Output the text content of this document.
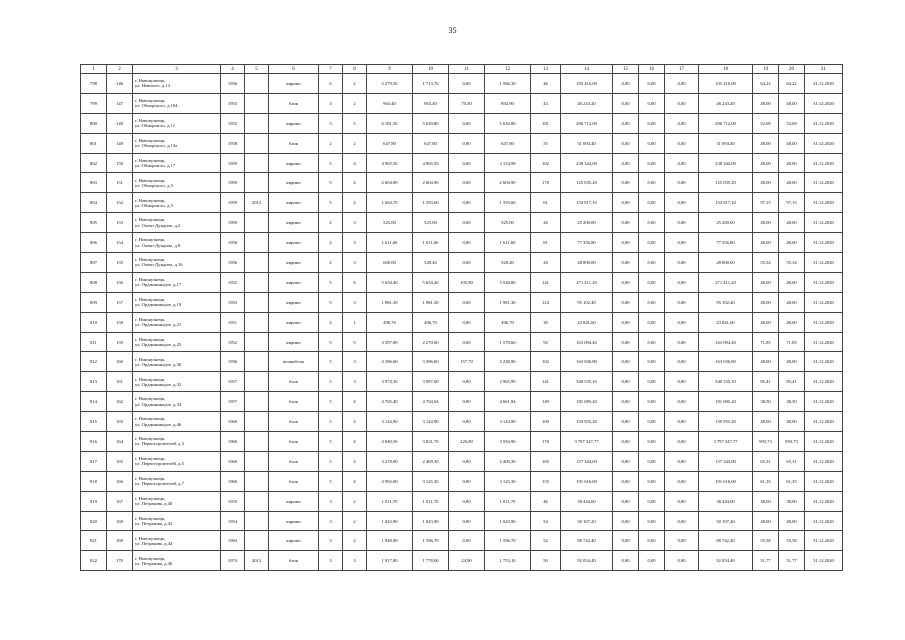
35
1	2	3	4	5	6	7	8	9	10	11	12	13	14	15	16	17	18	19	20	21
798	146	г. Новокузнецк,
ул. Невского, д.13	1956		кирпич	6	2	2 279,50	1 713,70	0,00	1 566,30	46	105 416,00	0,00	0,00	0,00	105 416,00	64,22	64,22	31.12.2020
799	147	г. Новокузнецк,
ул. Обнорского, д.104	1953		блок	3	2	963,40	963,40	70,50	892,90	43	46 243,20	0,00	0,00	0,00	46 243,20	48,00	48,00	31.12.2020
800	148	г. Новокузнецк,
ул. Обнорского, д.11	1955		кирпич	3	5	6 181,50	5 630,80	0,00	5 630,80	181	296 712,00	0,00	0,00	0,00	296 712,00	52,69	52,69	31.12.2020
801	149	г. Новокузнецк,
ул. Обнорского, д.13а	1958		блок	2	2	647,80	647,80	0,00	647,80	35	31 094,40	0,00	0,00	0,00	31 094,40	48,00	48,00	31.12.2020
802	150	г. Новокузнецк,
ул. Обнорского, д.17	1959		кирпич	5	4	4 965,50	4 965,50	0,00	3 154,98	102	238 344,00	0,00	0,00	0,00	238 344,00	48,00	48,00	31.12.2020
803	151	г. Новокузнецк,
ул. Обнорского, д.3	1959		кирпич	5	4	2 604,90	2 604,90	0,00	2 604,90	178	125 035,20	0,00	0,00	0,00	125 035,20	48,00	48,00	31.12.2020
804	152	г. Новокузнецк,
ул. Обнорского, д.5	1959	2012	кирпич	5	2	1 664,70	1 593,60	0,00	1 593,60	61	154 817,10	0,00	0,00	0,00	154 817,10	97,15	97,15	31.12.2020
805	153	г. Новокузнецк,
ул. Олеко-Дундича, д.2	1959		кирпич	2	3	525,00	525,00	0,00	525,00	26	25 200,00	0,00	0,00	0,00	25 200,00	48,00	48,00	31.12.2020
806	154	г. Новокузнецк,
ул. Олеко-Дундича, д.8	1956		кирпич	2	3	1 611,60	1 611,60	0,00	1 611,60	81	77 356,80	0,00	0,00	0,00	77 356,80	48,00	48,00	31.12.2020
807	155	г. Новокузнецк,
ул. Олеко-Дундича, д.16	1956		кирпич	2	3	600,00	520,40	0,00	520,40	28	28 800,00	0,00	0,00	0,00	28 800,00	55,34	55,34	31.12.2020
808	156	г. Новокузнецк,
ул. Орджоникидзе, д.17	1952		кирпич	5	6	5 654,40	5 654,40	105,80	5 548,00	141	271 411,20	0,00	0,00	0,00	271 411,20	48,00	48,00	31.12.2020
809	157	г. Новокузнецк,
ул. Орджоникидзе, д.19	1953		кирпич	5	3	1 981,30	1 981,30	0,00	1 981,30	124	95 102,40	0,00	0,00	0,00	95 102,40	48,00	48,00	31.12.2020
810	158	г. Новокузнецк,
ул. Орджоникидзе, д.21	1951		кирпич	4	1	496,70	496,70	0,00	496,70	30	23 841,60	0,00	0,00	0,00	23 841,60	48,00	48,00	31.12.2020
811	159	г. Новокузнецк,
ул. Орджоникидзе, д.25	1952		кирпич	5	5	3 397,90	2 270,00	0,00	1 578,60	92	163 094,40	0,00	0,00	0,00	163 094,40	71,85	71,85	31.12.2020
812	160	г. Новокузнецк,
ул. Орджоникидзе, д.30	1956		шлакоблок	5	3	3 396,60	3 396,60	157,70	3 238,90	102	163 036,80	0,00	0,00	0,00	163 036,80	48,00	48,00	31.12.2020
813	161	г. Новокузнецк,
ул. Орджоникидзе, д.32	1957		блок	5	3	3 974,30	3 987,00	0,00	2 965,99	141	340 535,10	0,00	0,00	0,00	340 535,10	85,41	85,41	31.12.2020
814	162	г. Новокузнецк,
ул. Орджоникидзе, д.34	1957		блок	5	4	4 765,40	4 704,04	0,00	4 661,94	149	181 085,20	0,00	0,00	0,00	181 085,20	38,50	38,50	31.12.2020
815	163	г. Новокузнецк,
ул. Орджоникидзе, д.46	1960		блок	5	4	3 144,90	3 144,90	0,00	3 144,90	100	150 955,20	0,00	0,00	0,00	150 955,20	48,00	48,00	31.12.2020
816	164	г. Новокузнецк,
ул. Первостроителей, д.3	1960		блок	5	4	3 840,50	3 821,70	226,80	3 594,90	170	3 797 347,77	0,00	0,00	0,00	3 797 347,77	993,73	993,73	31.12.2020
817	165	г. Новокузнецк,
ул. Первостроителей, д.5	1960		блок	5	4	3 278,00	2 409,30	0,00	2 409,30	165	157 344,00	0,00	0,00	0,00	157 344,00	65,31	65,31	31.12.2020
818	166	г. Новокузнецк,
ул. Первостроителей, д.7	1960		блок	5	4	3 992,00	3 125,30	0,00	3 125,30	155	191 616,00	0,00	0,00	0,00	191 616,00	61,35	61,35	31.12.2020
819	167	г. Новокузнецк,
ул. Петракова, д.40	1955		кирпич	3	2	1 011,70	1 011,70	0,00	1 011,70	46	38 444,60	0,00	0,00	0,00	38 444,60	38,00	38,00	31.12.2020
820	168	г. Новокузнецк,
ул. Петракова, д.42	1954		кирпич	3	2	1 043,90	1 043,90	0,00	1 043,90	54	50 107,20	0,00	0,00	0,00	50 107,20	48,00	48,00	31.12.2020
821	169	г. Новокузнецк,
ул. Петракова, д.44	1963		кирпич	3	2	1 848,90	1 596,70	0,00	1 596,70	52	88 742,40	0,00	0,00	0,00	88 742,40	55,58	55,58	31.12.2020
822	170	г. Новокузнецк,
ул. Петракова, д.46	1974	2013	блок	3	3	1 917,80	1 778,00	24,90	1 753,10	50	92 054,40	0,00	0,00	0,00	92 054,40	51,77	51,77	31.12.2020
